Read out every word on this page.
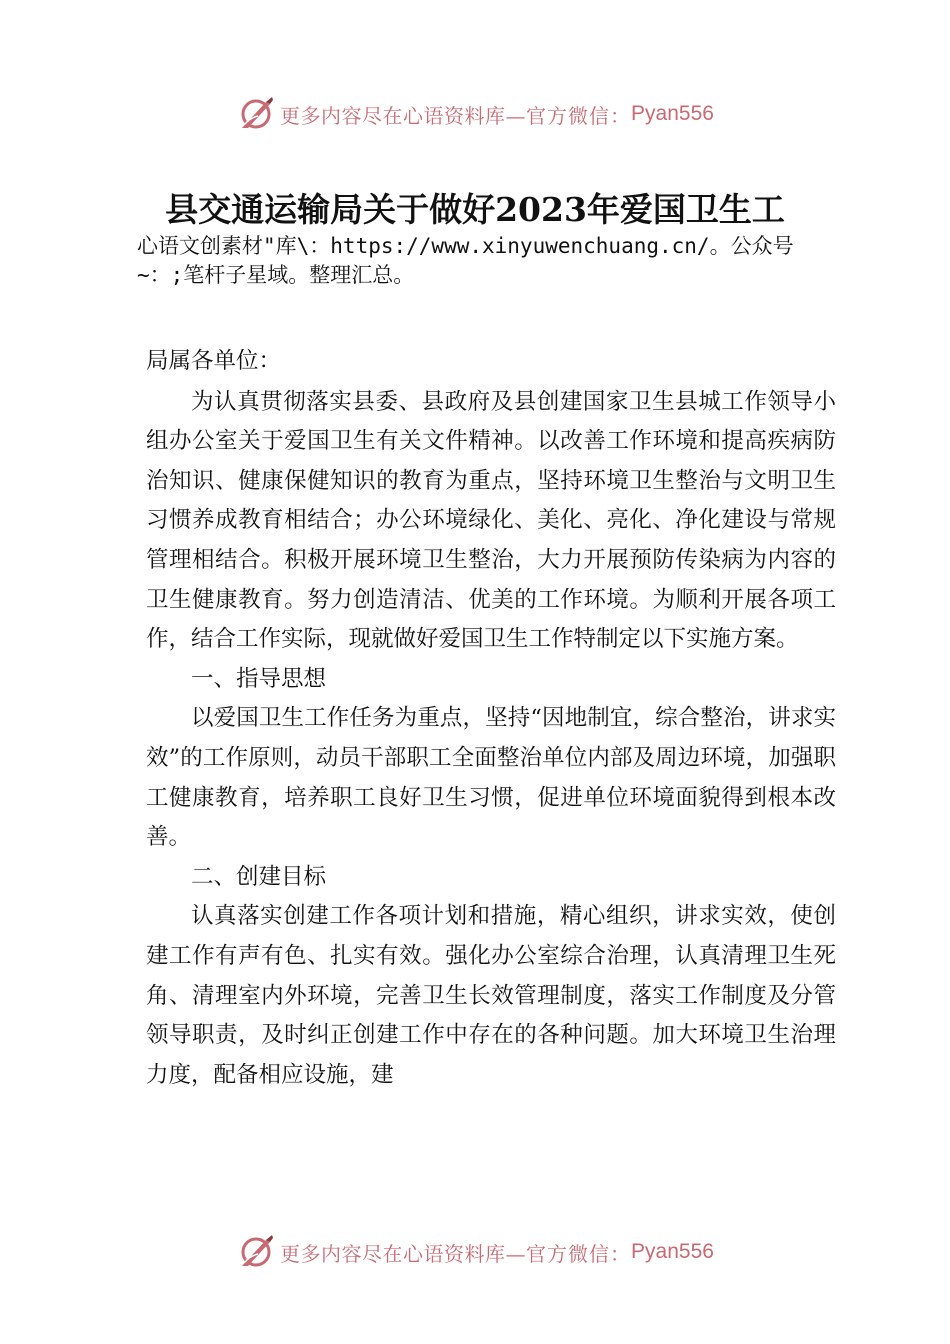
更多内容尽在心语资料库— 官方微信： Pyan556
县交通运输局关于做好2023年爱国卫生工

心语文创素材"库\：https://www.xinyuwenchuang.cn/。公众号~：;笔杆子星域。整理汇总。

局属各单位：

为认真贯彻落实县委、县政府及县创建国家卫生县城工作领导小组办公室关于爱国卫生有关文件精神。以改善工作环境和提高疾病防治知识、健康保健知识的教育为重点，坚持环境卫生整治与文明卫生习惯养成教育相结合；办公环境绿化、美化、亮化、净化建设与常规管理相结合。积极开展环境卫生整治，大力开展预防传染病为内容的卫生健康教育。努力创造清洁、优美的工作环境。为顺利开展各项工作，结合工作实际，现就做好爱国卫生工作特制定以下实施方案。

一、指导思想

以爱国卫生工作任务为重点，坚持“因地制宜，综合整治，讲求实效”的工作原则，动员干部职工全面整治单位内部及周边环境，加强职工健康教育，培养职工良好卫生习惯，促进单位环境面貌得到根本改善。

二、创建目标

认真落实创建工作各项计划和措施，精心组织，讲求实效，使创建工作有声有色、扎实有效。强化办公室综合治理，认真清理卫生死角、清理室内外环境，完善卫生长效管理制度，落实工作制度及分管领导职责，及时纠正创建工作中存在的各种问题。加大环境卫生治理力度，配备相应设施，建

更多内容尽在心语资料库— 官方微信： Pyan556
